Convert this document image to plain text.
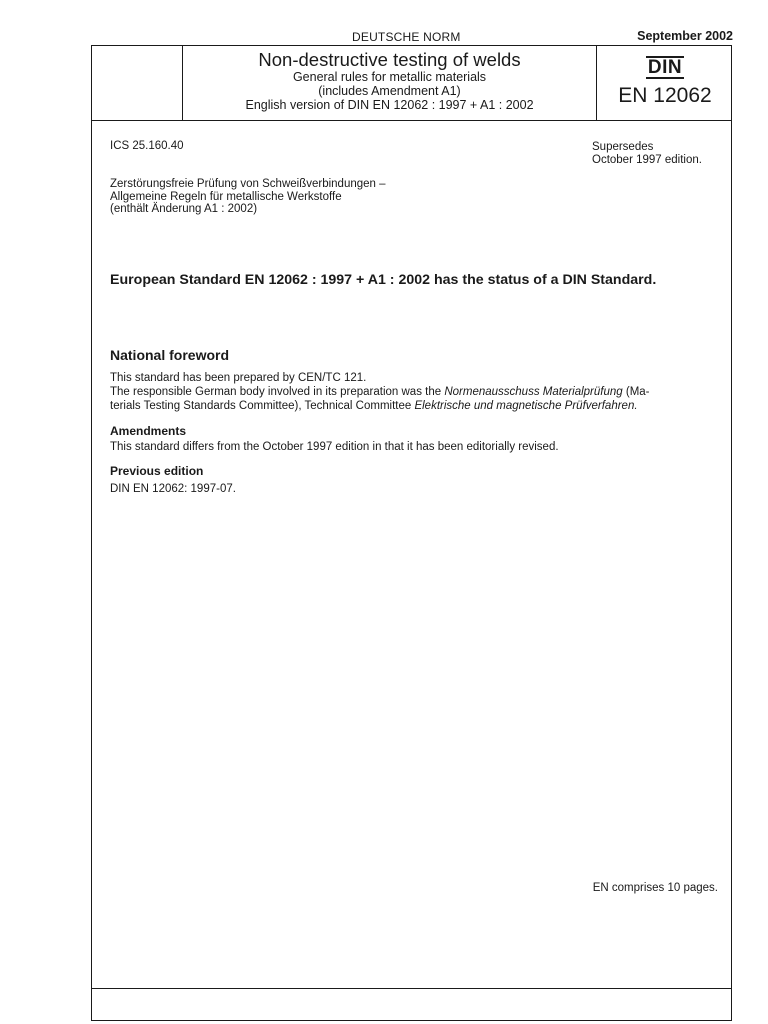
DEUTSCHE NORM	September 2002
Non-destructive testing of welds
General rules for metallic materials
(includes Amendment A1)
English version of DIN EN 12062 : 1997 + A1 : 2002
DIN
EN 12062
ICS 25.160.40	Supersedes
October 1997 edition.
Zerstörungsfreie Prüfung von Schweißverbindungen –
Allgemeine Regeln für metallische Werkstoffe
(enthält Änderung A1 : 2002)
European Standard EN 12062 : 1997 + A1 : 2002 has the status of a DIN Standard.
National foreword

This standard has been prepared by CEN/TC 121.

The responsible German body involved in its preparation was the Normenausschuss Materialprüfung (Ma-

terials Testing Standards Committee), Technical Committee Elektrische und magnetische Prüfverfahren.

Amendments
This standard differs from the October 1997 edition in that it has been editorially revised.
Previous edition
DIN EN 12062: 1997-07.
EN comprises 10 pages.
